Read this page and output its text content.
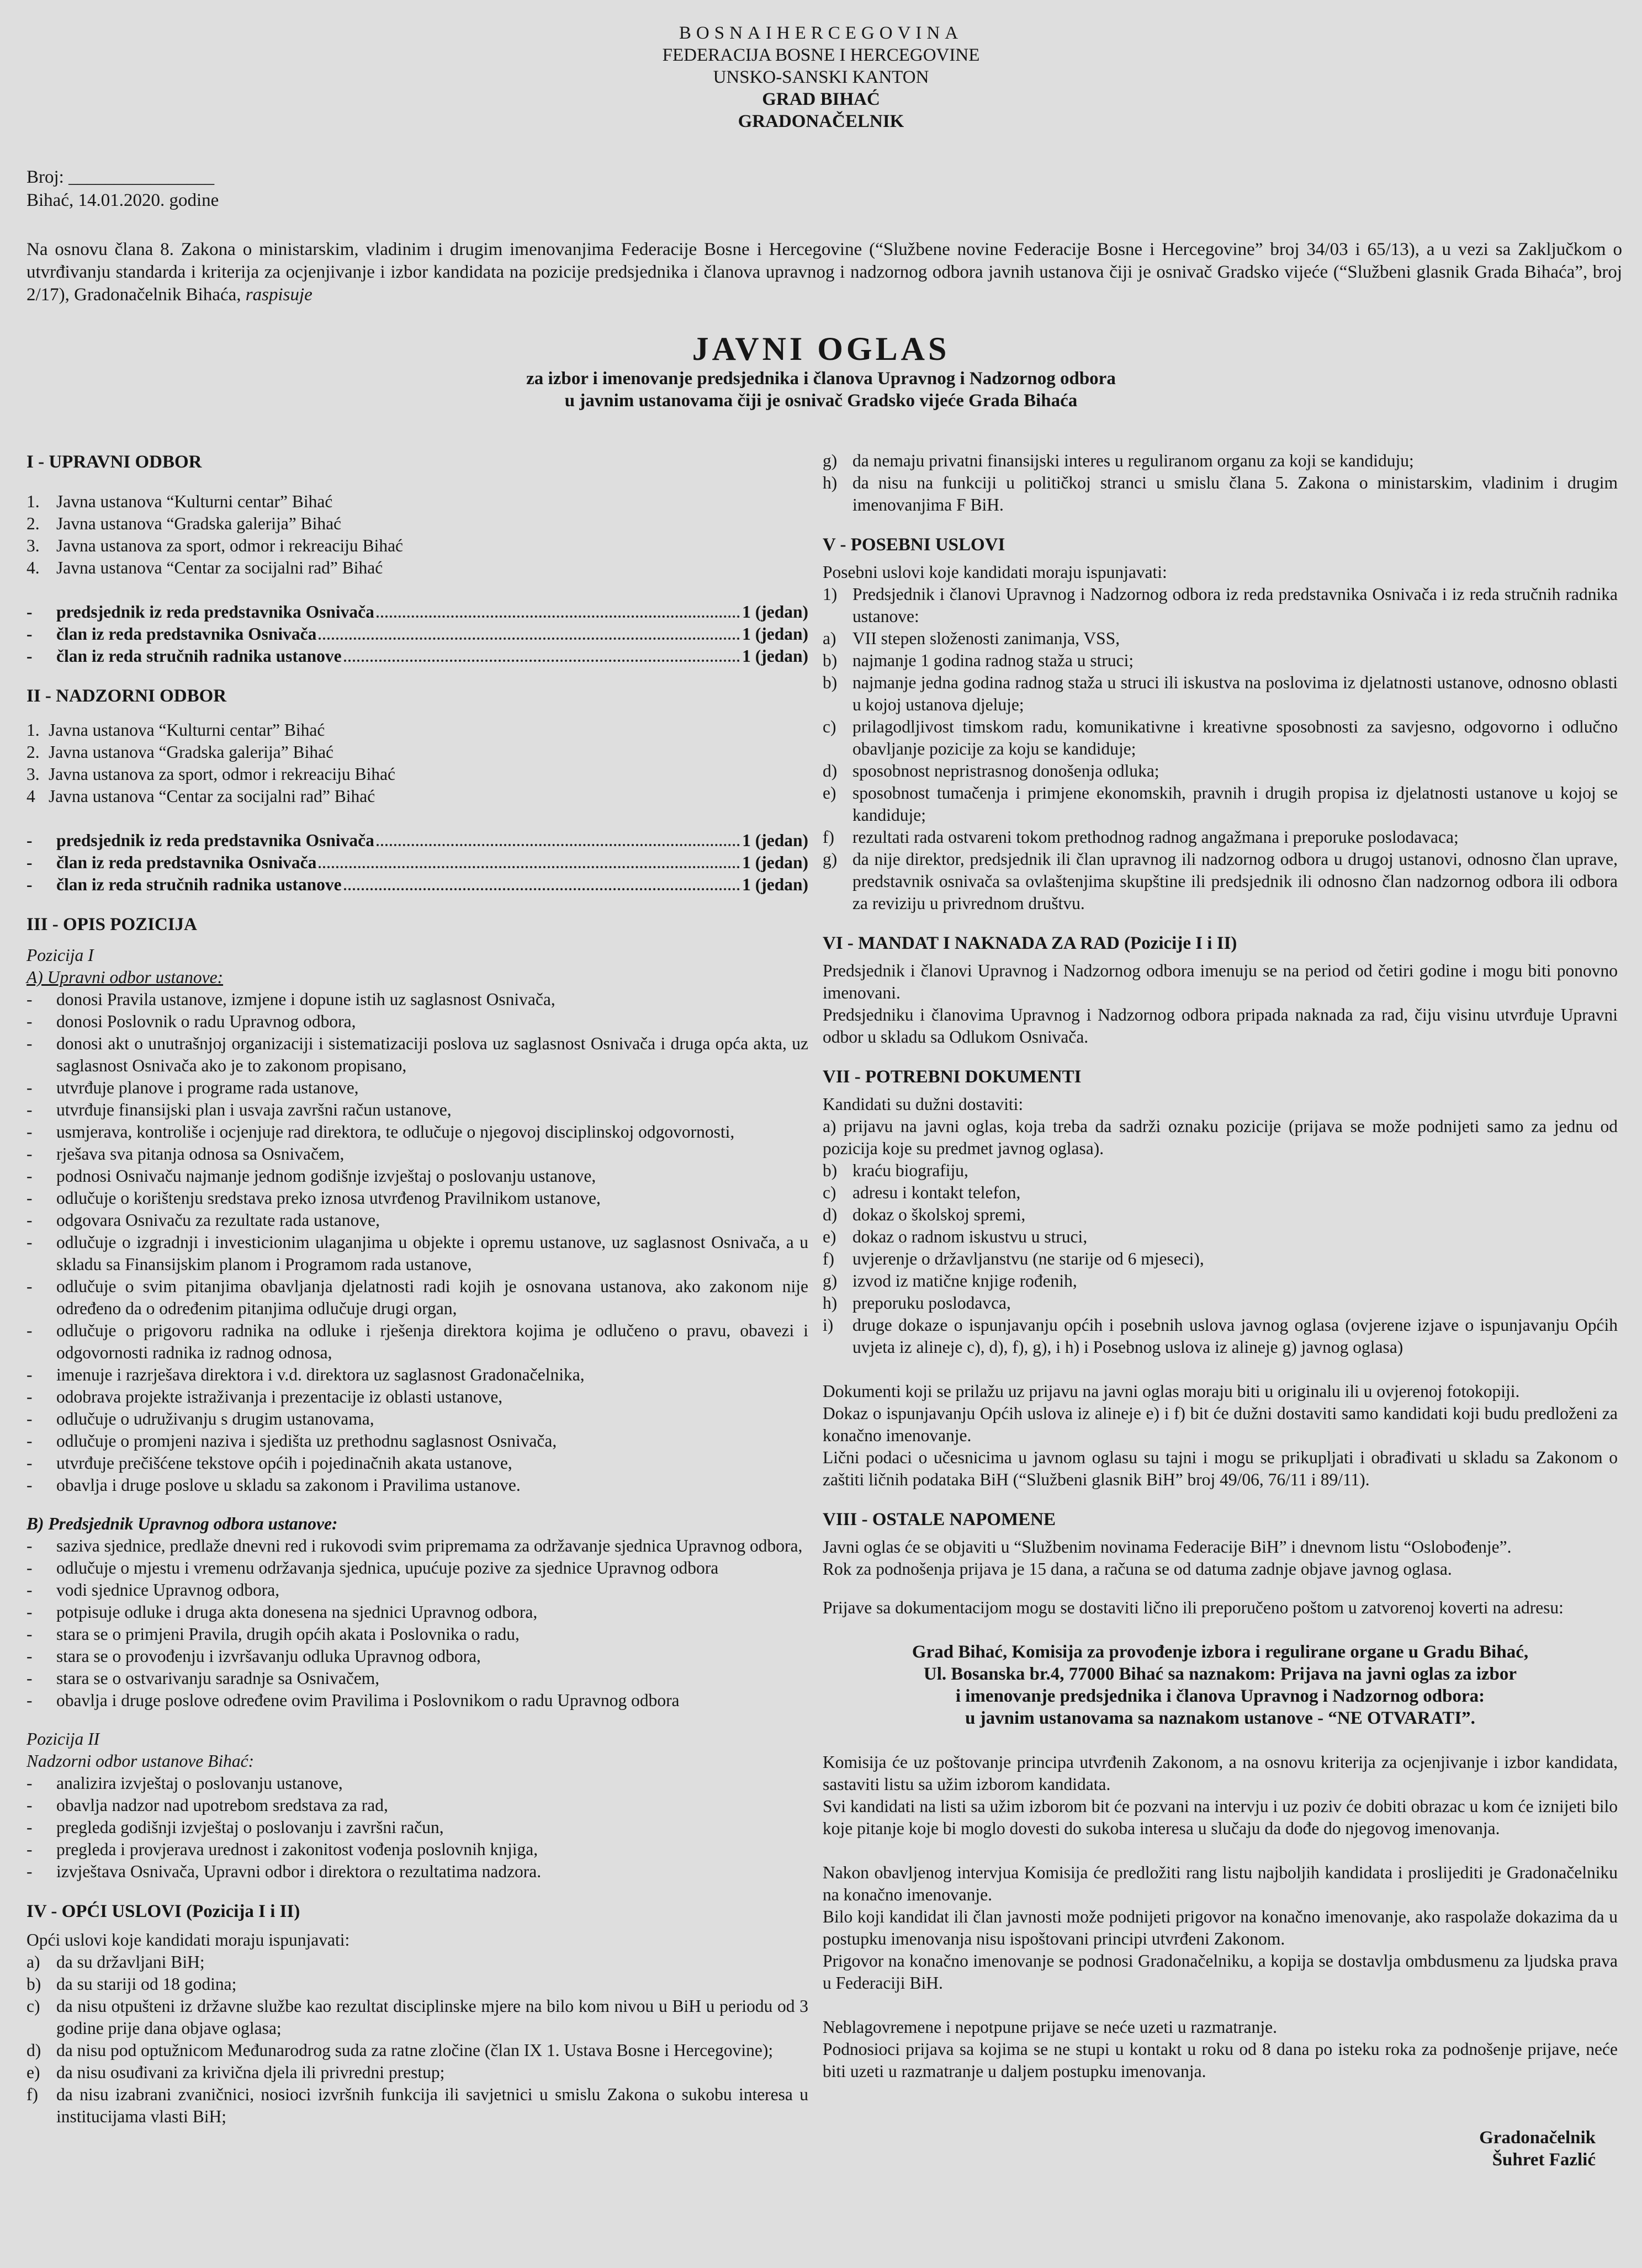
BOSNAIHERCEGOVINA
FEDERACIJA BOSNE I HERCEGOVINE
UNSKO-SANSKI KANTON
GRAD BIHAĆ
GRADONAČELNIK
Broj: ________________
Bihać, 14.01.2020. godine
Na osnovu člana 8. Zakona o ministarskim, vladinim i drugim imenovanjima Federacije Bosne i Hercegovine (“Službene novine Federacije Bosne i Hercegovine” broj 34/03 i 65/13), a u vezi sa Zaključkom o utvrđivanju standarda i kriterija za ocjenjivanje i izbor kandidata na pozicije predsjednika i članova upravnog i nadzornog odbora javnih ustanova čiji je osnivač Gradsko vijeće (“Službeni glasnik Grada Bihaća”, broj 2/17), Gradonačelnik Bihaća, raspisuje
JAVNI OGLAS
za izbor i imenovanje predsjednika i članova Upravnog i Nadzornog odbora
u javnim ustanovama čiji je osnivač Gradsko vijeće Grada Bihaća
I - UPRAVNI ODBOR
1. Javna ustanova “Kulturni centar” Bihać
2. Javna ustanova “Gradska galerija” Bihać
3. Javna ustanova za sport, odmor i rekreaciju Bihać
4. Javna ustanova “Centar za socijalni rad” Bihać
-	predsjednik iz reda predstavnika Osnivača	1 (jedan)
-	član iz reda predstavnika Osnivača	1 (jedan)
-	član iz reda stručnih radnika ustanove	1 (jedan)
II - NADZORNI ODBOR
1. Javna ustanova “Kulturni centar” Bihać
2. Javna ustanova “Gradska galerija” Bihać
3. Javna ustanova za sport, odmor i rekreaciju Bihać
4 Javna ustanova “Centar za socijalni rad” Bihać
-	predsjednik iz reda predstavnika Osnivača	1 (jedan)
-	član iz reda predstavnika Osnivača	1 (jedan)
-	član iz reda stručnih radnika ustanove	1 (jedan)
III - OPIS POZICIJA
Pozicija I
A) Upravni odbor ustanove:
-	donosi Pravila ustanove, izmjene i dopune istih uz saglasnost Osnivača,
-	donosi Poslovnik o radu Upravnog odbora,
-	donosi akt o unutrašnjoj organizaciji i sistematizaciji poslova uz saglasnost Osnivača i druga opća akta, uz saglasnost Osnivača ako je to zakonom propisano,
-	utvrđuje planove i programe rada ustanove,
-	utvrđuje finansijski plan i usvaja završni račun ustanove,
-	usmjerava, kontroliše i ocjenjuje rad direktora, te odlučuje o njegovoj disciplinskoj odgovornosti,
-	rješava sva pitanja odnosa sa Osnivačem,
-	podnosi Osnivaču najmanje jednom godišnje izvještaj o poslovanju ustanove,
-	odlučuje o korištenju sredstava preko iznosa utvrđenog Pravilnikom ustanove,
-	odgovara Osnivaču za rezultate rada ustanove,
-	odlučuje o izgradnji i investicionim ulaganjima u objekte i opremu ustanove, uz saglasnost Osnivača, a u skladu sa Finansijskim planom i Programom rada ustanove,
-	odlučuje o svim pitanjima obavljanja djelatnosti radi kojih je osnovana ustanova, ako zakonom nije određeno da o određenim pitanjima odlučuje drugi organ,
-	odlučuje o prigovoru radnika na odluke i rješenja direktora kojima je odlučeno o pravu, obavezi i odgovornosti radnika iz radnog odnosa,
-	imenuje i razrješava direktora i v.d. direktora uz saglasnost Gradonačelnika,
-	odobrava projekte istraživanja i prezentacije iz oblasti ustanove,
-	odlučuje o udruživanju s drugim ustanovama,
-	odlučuje o promjeni naziva i sjedišta uz prethodnu saglasnost Osnivača,
-	utvrđuje prečišćene tekstove općih i pojedinačnih akata ustanove,
-	obavlja i druge poslove u skladu sa zakonom i Pravilima ustanove.
B) Predsjednik Upravnog odbora ustanove:
-	saziva sjednice, predlaže dnevni red i rukovodi svim pripremama za održavanje sjednica Upravnog odbora,
-	odlučuje o mjestu i vremenu održavanja sjednica, upućuje pozive za sjednice Upravnog odbora
-	vodi sjednice Upravnog odbora,
-	potpisuje odluke i druga akta donesena na sjednici Upravnog odbora,
-	stara se o primjeni Pravila, drugih općih akata i Poslovnika o radu,
-	stara se o provođenju i izvršavanju odluka Upravnog odbora,
-	stara se o ostvarivanju saradnje sa Osnivačem,
-	obavlja i druge poslove određene ovim Pravilima i Poslovnikom o radu Upravnog odbora
Pozicija II
Nadzorni odbor ustanove Bihać:
-	analizira izvještaj o poslovanju ustanove,
-	obavlja nadzor nad upotrebom sredstava za rad,
-	pregleda godišnji izvještaj o poslovanju i završni račun,
-	pregleda i provjerava urednost i zakonitost vođenja poslovnih knjiga,
-	izvještava Osnivača, Upravni odbor i direktora o rezultatima nadzora.
IV - OPĆI USLOVI (Pozicija I i II)
Opći uslovi koje kandidati moraju ispunjavati:
a) da su državljani BiH;
b) da su stariji od 18 godina;
c) da nisu otpušteni iz državne službe kao rezultat disciplinske mjere na bilo kom nivou u BiH u periodu od 3 godine prije dana objave oglasa;
d) da nisu pod optužnicom Međunarodrog suda za ratne zločine (član IX 1. Ustava Bosne i Hercegovine);
e) da nisu osuđivani za krivična djela ili privredni prestup;
f)	da nisu izabrani zvaničnici, nosioci izvršnih funkcija ili savjetnici u smislu Zakona o sukobu interesa u institucijama vlasti BiH;
g) da nemaju privatni finansijski interes u reguliranom organu za koji se kandiduju;
h) da nisu na funkciji u političkoj stranci u smislu člana 5. Zakona o ministarskim, vladinim i drugim imenovanjima F BiH.
V - POSEBNI USLOVI
Posebni uslovi koje kandidati moraju ispunjavati:
1) Predsjednik i članovi Upravnog i Nadzornog odbora iz reda predstavnika Osnivača i iz reda stručnih radnika ustanove:
a) VII stepen složenosti zanimanja, VSS,
b) najmanje 1 godina radnog staža u struci;
b) najmanje jedna godina radnog staža u struci ili iskustva na poslovima iz djelatnosti ustanove, odnosno oblasti u kojoj ustanova djeluje;
c) prilagodljivost timskom radu, komunikativne i kreativne sposobnosti za savjesno, odgovorno i odlučno obavljanje pozicije za koju se kandiduje;
d) sposobnost nepristrasnog donošenja odluka;
e) sposobnost tumačenja i primjene ekonomskih, pravnih i drugih propisa iz djelatnosti ustanove u kojoj se kandiduje;
f)	rezultati rada ostvareni tokom prethodnog radnog angažmana i preporuke poslodavaca;
g) da nije direktor, predsjednik ili član upravnog ili nadzornog odbora u drugoj ustanovi, odnosno član uprave, predstavnik osnivača sa ovlaštenjima skupštine ili predsjednik ili odnosno član nadzornog odbora ili odbora za reviziju u privrednom društvu.
VI - MANDAT I NAKNADA ZA RAD (Pozicije I i II)

Predsjednik i članovi Upravnog i Nadzornog odbora imenuju se na period od četiri godine i mogu biti ponovno imenovani.

Predsjedniku i članovima Upravnog i Nadzornog odbora pripada naknada za rad, čiju visinu utvrđuje Upravni odbor u skladu sa Odlukom Osnivača.

VII - POTREBNI DOKUMENTI
Kandidati su dužni dostaviti:

a) prijavu na javni oglas, koja treba da sadrži oznaku pozicije (prijava se može podnijeti samo za jednu od pozicija koje su predmet javnog oglasa).

b) kraću biografiju,
c) adresu i kontakt telefon,
d) dokaz o školskoj spremi,
e) dokaz o radnom iskustvu u struci,
f)	uvjerenje o državljanstvu (ne starije od 6 mjeseci),
g) izvod iz matične knjige rođenih,
h) preporuku poslodavca,
i)	druge dokaze o ispunjavanju općih i posebnih uslova javnog oglasa (ovjerene izjave o ispunjavanju Općih uvjeta iz alineje c), d), f), g), i h) i Posebnog uslova iz alineje g) javnog oglasa)

Dokumenti koji se prilažu uz prijavu na javni oglas moraju biti u originalu ili u ovjerenoj fotokopiji.

Dokaz o ispunjavanju Općih uslova iz alineje e) i f) bit će dužni dostaviti samo kandidati koji budu predloženi za konačno imenovanje.

Lični podaci o učesnicima u javnom oglasu su tajni i mogu se prikupljati i obrađivati u skladu sa Zakonom o zaštiti ličnih podataka BiH (“Službeni glasnik BiH” broj 49/06, 76/11 i 89/11).

VIII - OSTALE NAPOMENE

Javni oglas će se objaviti u “Službenim novinama Federacije BiH” i dnevnom listu “Oslobođenje”.

Rok za podnošenja prijava je 15 dana, a računa se od datuma zadnje objave javnog oglasa.

Prijave sa dokumentacijom mogu se dostaviti lično ili preporučeno poštom u zatvorenoj koverti na adresu:

Grad Bihać, Komisija za provođenje izbora i regulirane organe u Gradu Bihać,
Ul. Bosanska br.4, 77000 Bihać sa naznakom: Prijava na javni oglas za izbor
i imenovanje predsjednika i članova Upravnog i Nadzornog odbora:
u javnim ustanovama sa naznakom ustanove - “NE OTVARATI”.

Komisija će uz poštovanje principa utvrđenih Zakonom, a na osnovu kriterija za ocjenjivanje i izbor kandidata, sastaviti listu sa užim izborom kandidata.

Svi kandidati na listi sa užim izborom bit će pozvani na intervju i uz poziv će dobiti obrazac u kom će iznijeti bilo koje pitanje koje bi moglo dovesti do sukoba interesa u slučaju da dođe do njegovog imenovanja.

Nakon obavljenog intervjua Komisija će predložiti rang listu najboljih kandidata i proslijediti je Gradonačelniku na konačno imenovanje.

Bilo koji kandidat ili član javnosti može podnijeti prigovor na konačno imenovanje, ako raspolaže dokazima da u postupku imenovanja nisu ispoštovani principi utvrđeni Zakonom.

Prigovor na konačno imenovanje se podnosi Gradonačelniku, a kopija se dostavlja ombdusmenu za ljudska prava u Federaciji BiH.

Neblagovremene i nepotpune prijave se neće uzeti u razmatranje.

Podnosioci prijava sa kojima se ne stupi u kontakt u roku od 8 dana po isteku roka za podnošenje prijave, neće biti uzeti u razmatranje u daljem postupku imenovanja.

Gradonačelnik
Šuhret Fazlić
